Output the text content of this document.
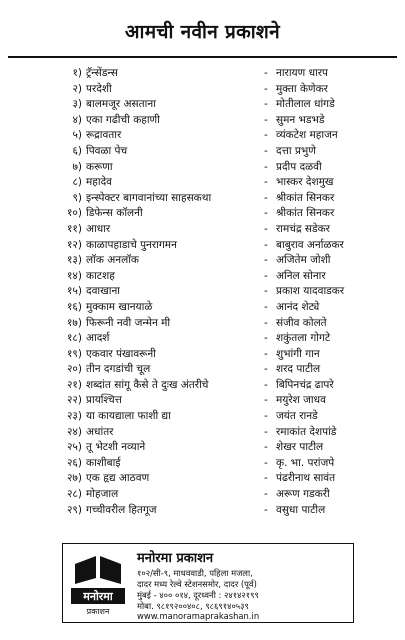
आमची नवीन प्रकाशने
१) ट्रॅन्सेंडन्स	- नारायण धारप
२) परदेशी	- मुक्ता केणेकर
३) बालमजूर असताना	- मोतीलाल धांगडे
४) एका गढीची कहाणी	- सुमन भडभडे
५) रूद्रावतार	- व्यंकटेश महाजन
६) पिवळा पेच	- दत्ता प्रभुणे
७) करूणा	- प्रदीप दळवी
८) महादेव	- भास्कर देशमुख
९) इन्स्पेक्टर बागवानांच्या साहसकथा	- श्रीकांत सिनकर
१०) डिफेन्स कॉलनी	- श्रीकांत सिनकर
११) आधार	- रामचंद्र सडेकर
१२) काळापहाडाचे पुनरागमन	- बाबुराव अर्नाळकर
१३) लॉक अनलॉक	- अजितेम जोशी
१४) काटशह	- अनिल सोनार
१५) दवाखाना	- प्रकाश यादवाडकर
१६) मुक्काम खानयाळे	- आनंद शेट्ये
१७) फिरूनी नवी जन्मेन मी	- संजीव कोलते
१८) आदर्श	- शकुंतला गोगटे
१९) एकवार पंखावरूनी	- शुभांगी गान
२०) तीन दगडांची चूल	- शरद पाटील
२१) शब्दांत सांगू कैसे ते दुःख अंतरीचे	- बिपिनचंद्र ढापरे
२२) प्रायश्चित्त	- मयुरेश जाधव
२३) या कायद्याला फाशी द्या	- जयंत रानडे
२४) अधांतर	- रमाकांत देशपांडे
२५) तू भेटशी नव्याने	- शेखर पाटील
२६) काशीबाई	- कृ. भा. परांजपे
२७) एक हृद्य आठवण	- पंढरीनाथ सावंत
२८) मोहजाल	- अरूण गडकरी
२९) गच्चीवरील हितगूज	- वसुधा पाटील
मनोरमा
प्रकाशन
मनोरमा प्रकाशन
१०२/सी-९, माधववाडी, पहिला मजला,
दादर मध्य रेल्वे स्टेशनसमोर, दादर (पूर्व)
मुंबई - ४०० ०१४, दूरध्वनी : २४१४२१९९
मोबा. ९८१९२००४०८, ९८६९१४०५३९
www.manoramaprakashan.in
